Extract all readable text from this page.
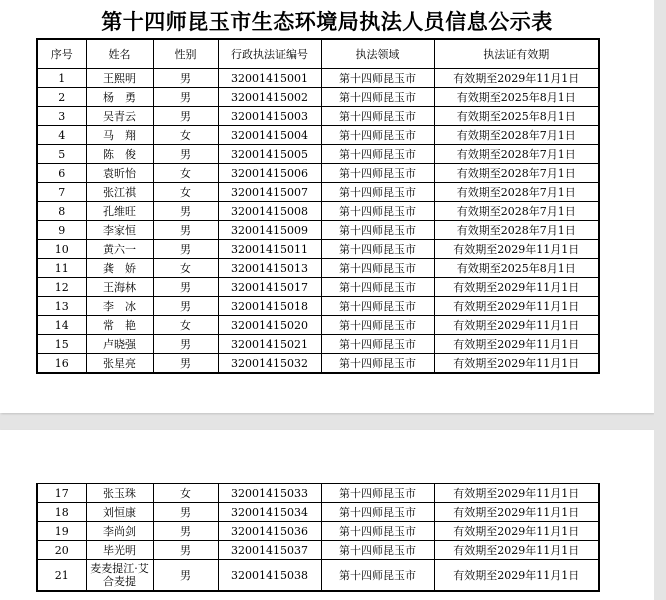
第十四师昆玉市生态环境局执法人员信息公示表
序号	姓名	性别	行政执法证编号	执法领域	执法证有效期
1	王熙明	男	32001415001	第十四师昆玉市	有效期至2029年11月1日
2	杨　勇	男	32001415002	第十四师昆玉市	有效期至2025年8月1日
3	吴青云	男	32001415003	第十四师昆玉市	有效期至2025年8月1日
4	马　翔	女	32001415004	第十四师昆玉市	有效期至2028年7月1日
5	陈　俊	男	32001415005	第十四师昆玉市	有效期至2028年7月1日
6	袁昕怡	女	32001415006	第十四师昆玉市	有效期至2028年7月1日
7	张江祺	女	32001415007	第十四师昆玉市	有效期至2028年7月1日
8	孔维旺	男	32001415008	第十四师昆玉市	有效期至2028年7月1日
9	李家恒	男	32001415009	第十四师昆玉市	有效期至2028年7月1日
10	黄六一	男	32001415011	第十四师昆玉市	有效期至2029年11月1日
11	龚　娇	女	32001415013	第十四师昆玉市	有效期至2025年8月1日
12	王海林	男	32001415017	第十四师昆玉市	有效期至2029年11月1日
13	李　冰	男	32001415018	第十四师昆玉市	有效期至2029年11月1日
14	常　艳	女	32001415020	第十四师昆玉市	有效期至2029年11月1日
15	卢晓强	男	32001415021	第十四师昆玉市	有效期至2029年11月1日
16	张星亮	男	32001415032	第十四师昆玉市	有效期至2029年11月1日
17	张玉珠	女	32001415033	第十四师昆玉市	有效期至2029年11月1日
18	刘恒康	男	32001415034	第十四师昆玉市	有效期至2029年11月1日
19	李尚剑	男	32001415036	第十四师昆玉市	有效期至2029年11月1日
20	毕光明	男	32001415037	第十四师昆玉市	有效期至2029年11月1日
21	麦麦提江·艾合麦提	男	32001415038	第十四师昆玉市	有效期至2029年11月1日
